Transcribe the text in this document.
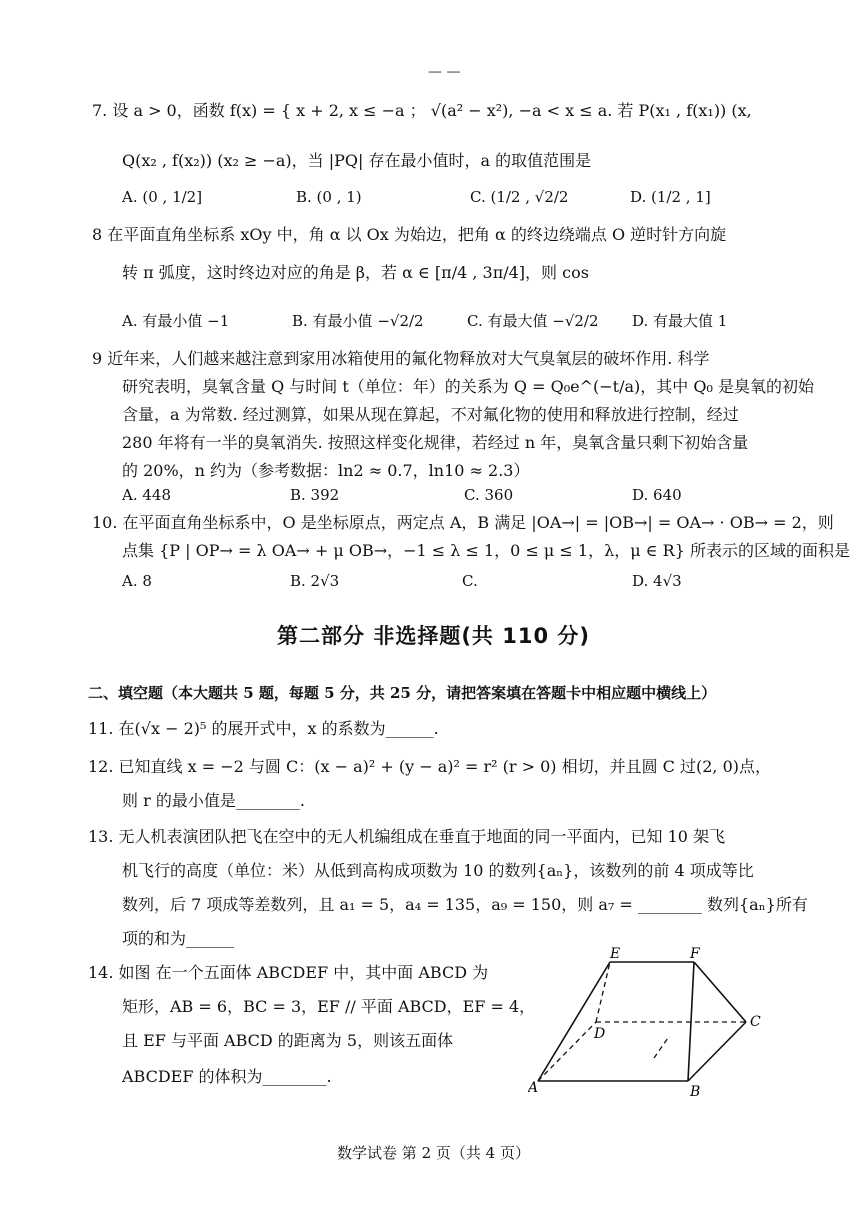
— —
7. 设 a > 0，函数 f(x) = { x + 2, x ≤ −a ； √(a² − x²), −a < x ≤ a. 若 P(x₁ , f(x₁)) (x,
Q(x₂ , f(x₂)) (x₂ ≥ −a)，当 |PQ| 存在最小值时，a 的取值范围是
A. (0 , 1/2]	B. (0 , 1)	C. (1/2 , √2/2	D. (1/2 , 1]
8 在平面直角坐标系 xOy 中，角 α 以 Ox 为始边，把角 α 的终边绕端点 O 逆时针方向旋
转 π 弧度，这时终边对应的角是 β，若 α ∈ [π/4 , 3π/4]，则 cos
A. 有最小值 −1	B. 有最小值 −√2/2	C. 有最大值 −√2/2 D. 有最大值 1
9 近年来，人们越来越注意到家用冰箱使用的氟化物释放对大气臭氧层的破坏作用. 科学
研究表明，臭氧含量 Q 与时间 t（单位：年）的关系为 Q = Q₀e^(−t/a)，其中 Q₀ 是臭氧的初始
含量，a 为常数. 经过测算，如果从现在算起，不对氟化物的使用和释放进行控制，经过
280 年将有一半的臭氧消失. 按照这样变化规律，若经过 n 年，臭氧含量只剩下初始含量
的 20%，n 约为（参考数据：ln2 ≈ 0.7，ln10 ≈ 2.3）
A. 448	B. 392	C. 360	D. 640
10. 在平面直角坐标系中，O 是坐标原点，两定点 A，B 满足 |OA→| = |OB→| = OA→ · OB→ = 2，则
点集 {P | OP→ = λ OA→ + μ OB→，−1 ≤ λ ≤ 1，0 ≤ μ ≤ 1，λ，μ ∈ R} 所表示的区域的面积是
A. 8	B. 2√3	C.	D. 4√3
第二部分 非选择题(共 110 分)
二、填空题（本大题共 5 题，每题 5 分，共 25 分，请把答案填在答题卡中相应题中横线上）
11. 在(√x − 2)⁵ 的展开式中，x 的系数为______.
12. 已知直线 x = −2 与圆 C：(x − a)² + (y − a)² = r² (r > 0) 相切，并且圆 C 过(2, 0)点，
则 r 的最小值是________.
13. 无人机表演团队把飞在空中的无人机编组成在垂直于地面的同一平面内，已知 10 架飞
机飞行的高度（单位：米）从低到高构成项数为 10 的数列{aₙ}，该数列的前 4 项成等比
数列，后 7 项成等差数列，且 a₁ = 5，a₄ = 135，a₉ = 150，则 a₇ = ________ 数列{aₙ}所有
项的和为______
14. 如图 在一个五面体 ABCDEF 中，其中面 ABCD 为
矩形，AB = 6，BC = 3，EF // 平面 ABCD，EF = 4，
且 EF 与平面 ABCD 的距离为 5，则该五面体
ABCDEF 的体积为________.
E	F
D
C
A	B
数学试卷 第 2 页（共 4 页）
